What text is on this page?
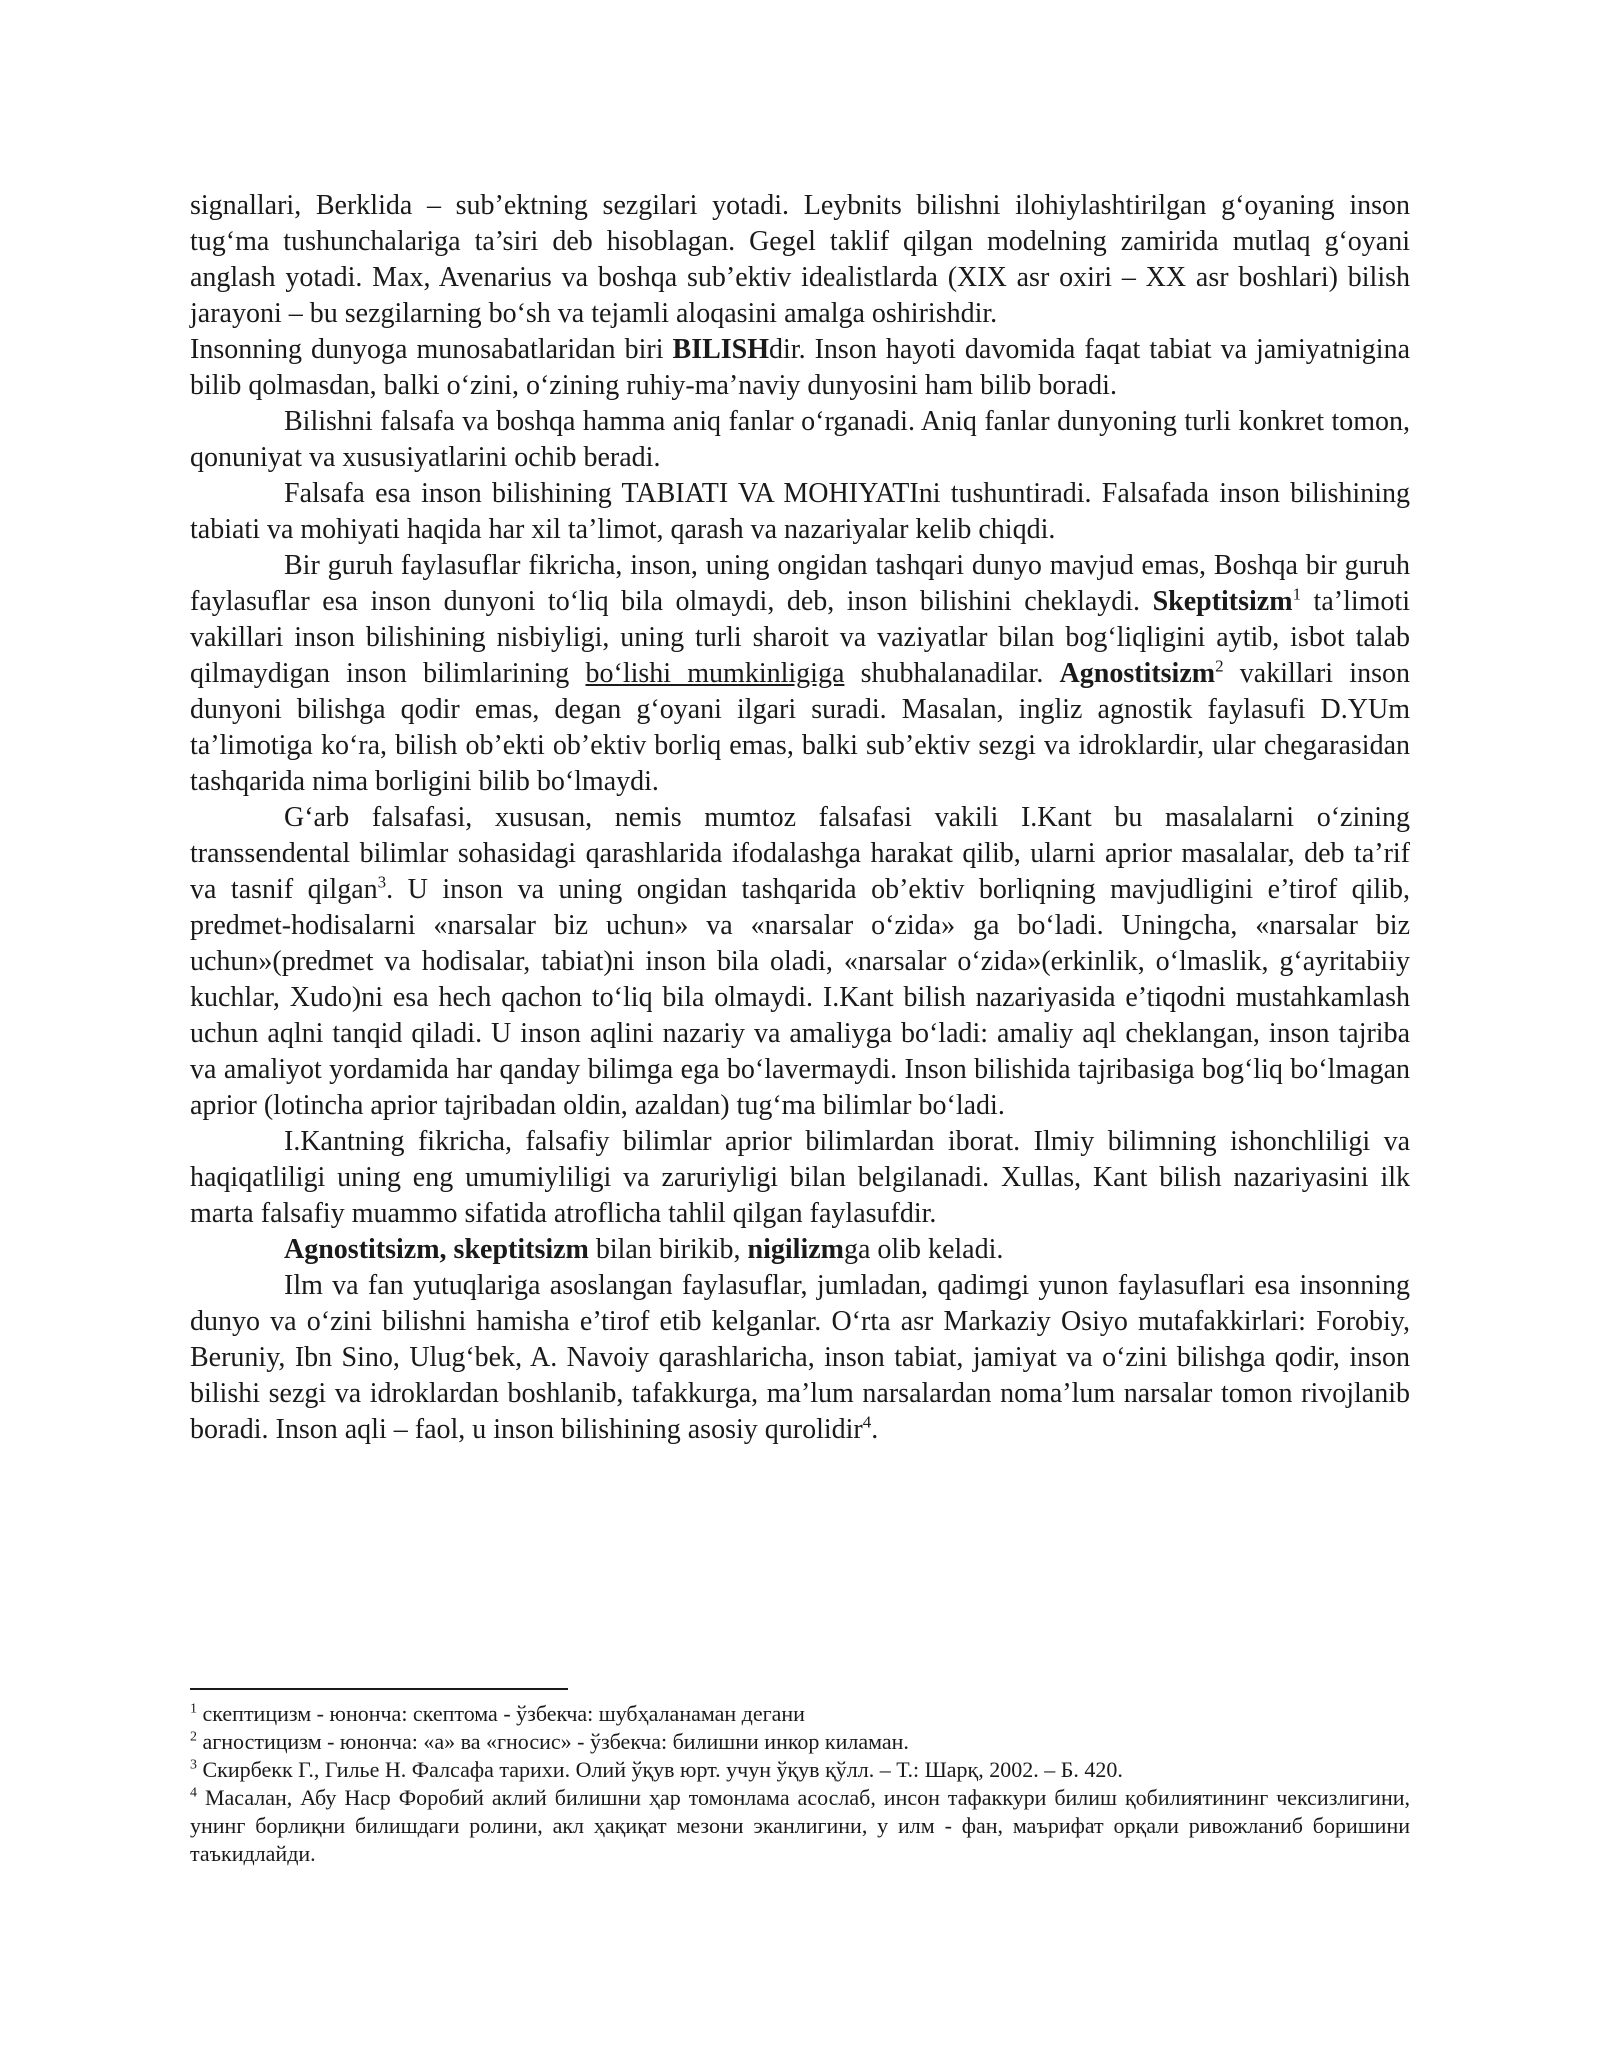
signallari, Berklida – sub’ektning sezgilari yotadi. Leybnits bilishni ilohiylashtirilgan g‘oyaning inson tug‘ma tushunchalariga ta’siri deb hisoblagan. Gegel taklif qilgan modelning zamirida mutlaq g‘oyani anglash yotadi. Max, Avenarius va boshqa sub’ektiv idealistlarda (XIX asr oxiri – XX asr boshlari) bilish jarayoni – bu sezgilarning bo‘sh va tejamli aloqasini amalga oshirishdir.

Insonning dunyoga munosabatlaridan biri BILISHdir. Inson hayoti davomida faqat tabiat va jamiyatnigina bilib qolmasdan, balki o‘zini, o‘zining ruhiy-ma’naviy dunyosini ham bilib boradi.

Bilishni falsafa va boshqa hamma aniq fanlar o‘rganadi. Aniq fanlar dunyoning turli konkret tomon, qonuniyat va xususiyatlarini ochib beradi.

Falsafa esa inson bilishining TABIATI VA MOHIYATIni tushuntiradi. Falsafada inson bilishining tabiati va mohiyati haqida har xil ta’limot, qarash va nazariyalar kelib chiqdi.

Bir guruh faylasuflar fikricha, inson, uning ongidan tashqari dunyo mavjud emas, Boshqa bir guruh faylasuflar esa inson dunyoni to‘liq bila olmaydi, deb, inson bilishini cheklaydi. Skeptitsizm$^1$ ta’limoti vakillari inson bilishining nisbiyligi, uning turli sharoit va vaziyatlar bilan bog‘liqligini aytib, isbot talab qilmaydigan inson bilimlarining bo‘lishi mumkinligiga shubhalanadilar. Agnostitsizm$^2$ vakillari inson dunyoni bilishga qodir emas, degan g‘oyani ilgari suradi. Masalan, ingliz agnostik faylasufi D.YUm ta’limotiga ko‘ra, bilish ob’ekti ob’ektiv borliq emas, balki sub’ektiv sezgi va idroklardir, ular chegarasidan tashqarida nima borligini bilib bo‘lmaydi.

G‘arb falsafasi, xususan, nemis mumtoz falsafasi vakili I.Kant bu masalalarni o‘zining transsendental bilimlar sohasidagi qarashlarida ifodalashga harakat qilib, ularni aprior masalalar, deb ta’rif va tasnif qilgan$^3$. U inson va uning ongidan tashqarida ob’ektiv borliqning mavjudligini e’tirof qilib, predmet-hodisalarni «narsalar biz uchun» va «narsalar o‘zida» ga bo‘ladi. Uningcha, «narsalar biz uchun»(predmet va hodisalar, tabiat)ni inson bila oladi, «narsalar o‘zida»(erkinlik, o‘lmaslik, g‘ayritabiiy kuchlar, Xudo)ni esa hech qachon to‘liq bila olmaydi. I.Kant bilish nazariyasida e’tiqodni mustahkamlash uchun aqlni tanqid qiladi. U inson aqlini nazariy va amaliyga bo‘ladi: amaliy aql cheklangan, inson tajriba va amaliyot yordamida har qanday bilimga ega bo‘lavermaydi. Inson bilishida tajribasiga bog‘liq bo‘lmagan aprior (lotincha aprior tajribadan oldin, azaldan) tug‘ma bilimlar bo‘ladi.

I.Kantning fikricha, falsafiy bilimlar aprior bilimlardan iborat. Ilmiy bilimning ishonchliligi va haqiqatliligi uning eng umumiyliligi va zaruriyligi bilan belgilanadi. Xullas, Kant bilish nazariyasini ilk marta falsafiy muammo sifatida atroflicha tahlil qilgan faylasufdir.

Agnostitsizm, skeptitsizm bilan birikib, nigilizmga olib keladi.

Ilm va fan yutuqlariga asoslangan faylasuflar, jumladan, qadimgi yunon faylasuflari esa insonning dunyo va o‘zini bilishni hamisha e’tirof etib kelganlar. O‘rta asr Markaziy Osiyo mutafakkirlari: Forobiy, Beruniy, Ibn Sino, Ulug‘bek, A. Navoiy qarashlaricha, inson tabiat, jamiyat va o‘zini bilishga qodir, inson bilishi sezgi va idroklardan boshlanib, tafakkurga, ma’lum narsalardan noma’lum narsalar tomon rivojlanib boradi. Inson aqli – faol, u inson bilishining asosiy qurolidir$^4$.

$^1$ скептицизм - юнонча: скептома - ўзбекча: шубҳаланаман дегани

$^2$ агностицизм - юнонча: «а» ва «гносис» - ўзбекча: билишни инкор киламан.

$^3$ Скирбекк Г., Гилье Н. Фалсафа тарихи. Олий ўқув юрт. учун ўқув қўлл. – Т.: Шарқ, 2002. – Б. 420.

$^4$ Масалан, Абу Наср Форобий аклий билишни ҳар томонлама асослаб, инсон тафаккури билиш қобилиятининг чексизлигини, унинг борлиқни билишдаги ролини, акл ҳақиқат мезони эканлигини, у илм - фан, маърифат орқали ривожланиб боришини таъкидлайди.
